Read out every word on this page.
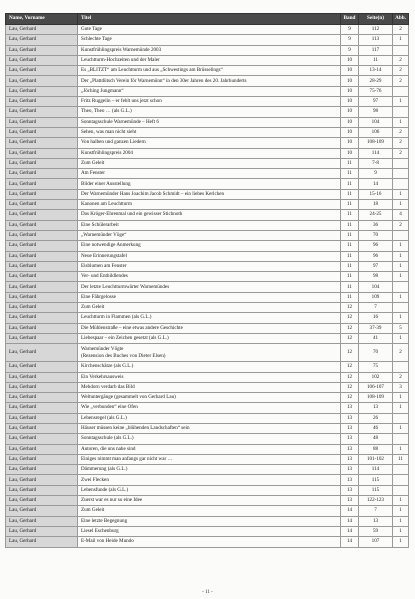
Name, Vorname	Titel	Band	Seite(n)	Abb.
Lau, Gerhard	Gute Tage	9	112	2
Lau, Gerhard	Schlechte Tage	9	113	1
Lau, Gerhard	Kunstfrühlingspreis Warnemünde 2003	9	117	
Lau, Gerhard	Leuchtturm-Hochzeiten und der Maler	10	11	2
Lau, Gerhard	Es „BLITZT“ am Leuchtturm und aus „Schwestings am Brüsselings“	10	13-14	2
Lau, Gerhard	Der „Plattdütsch Verein för Warnemünn“ in den 30er Jahren des 20. Jahrhunderts	10	28-29	2
Lau, Gerhard	„Jöching Jungmann“	10	75-76	
Lau, Gerhard	Fritz Ruggelin – er fehlt uns jetzt schon	10	97	1
Lau, Gerhard	Theo, Theo … (als G.L.)	10	98	
Lau, Gerhard	Sonntagsschule Warnemünde – Heft 6	10	104	1
Lau, Gerhard	Sehen, was man nicht sieht	10	106	2
Lau, Gerhard	Von halben und ganzen Liedern	10	108-109	2
Lau, Gerhard	Kunstfrühlingspreis 2004	10	114	2
Lau, Gerhard	Zum Geleit	11	7-8	
Lau, Gerhard	Am Fenster	11	9	
Lau, Gerhard	Bilder einer Ausstellung	11	14	
Lau, Gerhard	Der Warnemünder Hans Joachim Jacob Schmidt – ein liebes Kerlchen	11	15-16	1
Lau, Gerhard	Kanonen am Leuchtturm	11	18	1
Lau, Gerhard	Das Kröger-Ehrenmal und ein gewisser Stichnoth	11	24-25	4
Lau, Gerhard	Eine Schülerarbeit	11	36	2
Lau, Gerhard	„Warnemünder Vöge“	11	70	
Lau, Gerhard	Eine notwendige Anmerkung	11	96	1
Lau, Gerhard	Neue Erinnerungstafel	11	96	1
Lau, Gerhard	Eisblumen am Fenster	11	97	1
Lau, Gerhard	Ver- und Entbildlendes	11	98	1
Lau, Gerhard	Der letzte Leuchtturmwärter Warnemündes	11	104	
Lau, Gerhard	Eine Fährgelosse	11	109	1
Lau, Gerhard	Zum Geleit	12	7	
Lau, Gerhard	Leuchtturm in Flammen (als G.L.)	12	16	1
Lau, Gerhard	Die Mühlenstraße – eine etwas andere Geschichte	12	37-39	5
Lau, Gerhard	Liebespaar – ein Zeichen gesetzt (als G.L.)	12	41	1
Lau, Gerhard	Warnemünder Vögte
(Rezension des Buches von Dieter Elsen)	12	70	2
Lau, Gerhard	Kirchenschätze (als G.L.)	12	75	
Lau, Gerhard	Ein Verkehrsausweis	12	102	2
Lau, Gerhard	Mehdorn verdarb das Bild	12	106-107	3
Lau, Gerhard	Weltuntergänge (gesammelt von Gerhard Lau)	12	108-109	1
Lau, Gerhard	Wie „verbunden“ eine Ofen	13	13	1
Lau, Gerhard	Lebensregel (als G.L.)	13	26	
Lau, Gerhard	Häuser müssen keine „blühenden Landschaften“ sein	13	46	1
Lau, Gerhard	Sonntagsschule (als G.L.)	13	48	
Lau, Gerhard	Autoren, die uns nahe sind	13	88	1
Lau, Gerhard	Einiges nimmt man anfangs gar nicht war …	13	101-102	11
Lau, Gerhard	Dämmerung (als G.L.)	13	114	
Lau, Gerhard	Zwei Flecken	13	115	
Lau, Gerhard	Lebensfunde (als G.L.)	13	115	
Lau, Gerhard	Zuerst war es nur so eine Idee	13	122-123	1
Lau, Gerhard	Zum Geleit	14	7	1
Lau, Gerhard	Eine letzte Begegnung	14	13	1
Lau, Gerhard	Liesel Eschenburg	14	59	1
Lau, Gerhard	E-Mail von Heide Mundo	14	107	1
- 11 -
